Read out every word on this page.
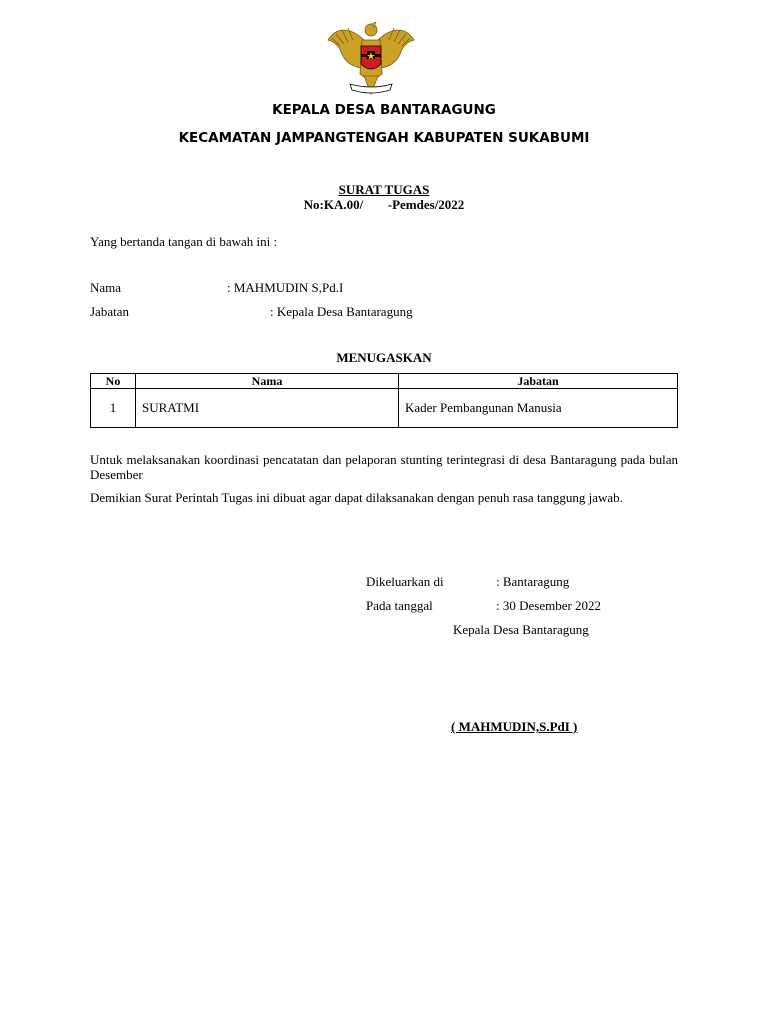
KEPALA DESA BANTARAGUNG
KECAMATAN JAMPANGTENGAH KABUPATEN SUKABUMI
SURAT TUGAS
No:KA.00/ -Pemdes/2022
Yang bertanda tangan di bawah ini :
Nama	: MAHMUDIN S,Pd.I
Jabatan	: Kepala Desa Bantaragung
MENUGASKAN
No	Nama	Jabatan
1	SURATMI	Kader Pembangunan Manusia
Untuk melaksanakan koordinasi pencatatan dan pelaporan stunting terintegrasi di desa Bantaragung pada bulan Desember
Demikian Surat Perintah Tugas ini dibuat agar dapat dilaksanakan dengan penuh rasa tanggung jawab.
Dikeluarkan di	: Bantaragung
Pada tanggal	: 30 Desember 2022
Kepala Desa Bantaragung
( MAHMUDIN,S.PdI )
